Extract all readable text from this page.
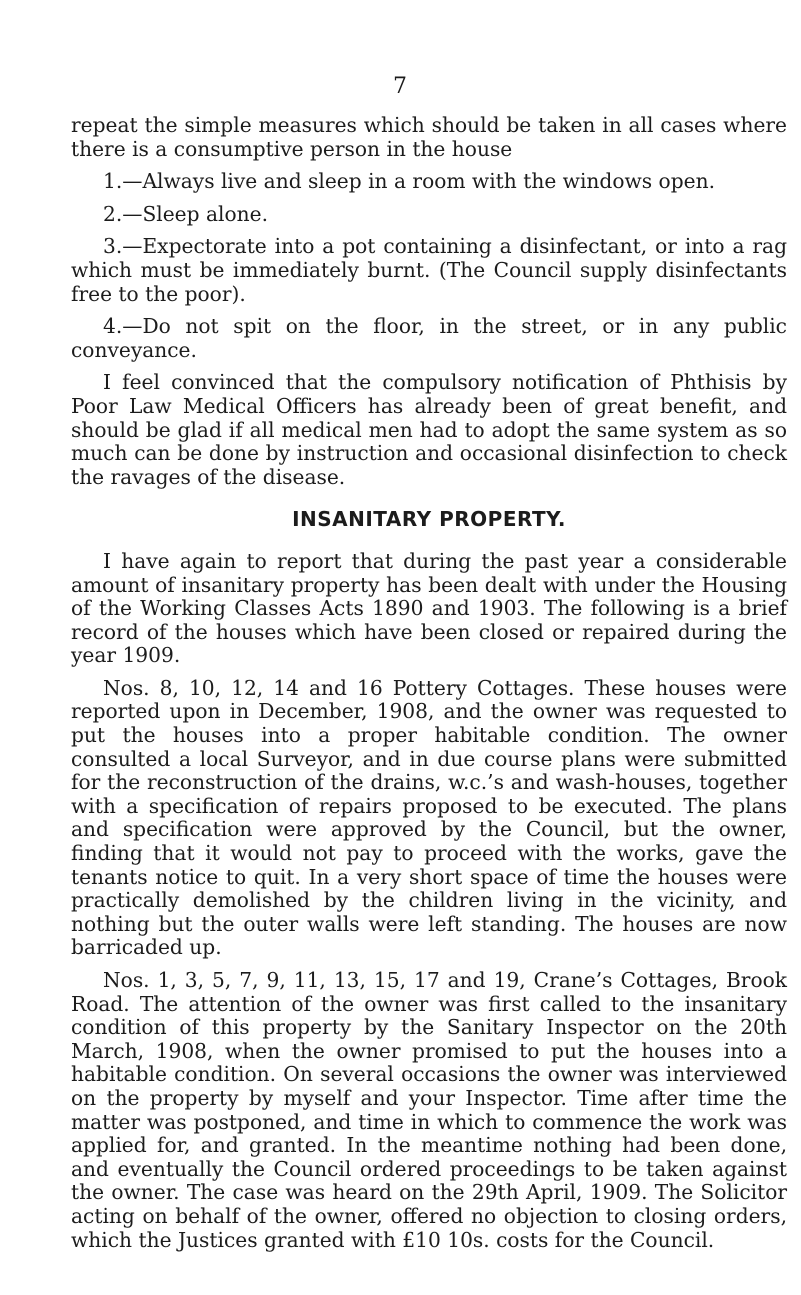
7

repeat the simple measures which should be taken in all cases where there is a consumptive person in the house

1.—Always live and sleep in a room with the windows open.

2.—Sleep alone.

3.—Expectorate into a pot containing a disinfectant, or into a rag which must be immediately burnt. (The Council supply disinfectants free to the poor).

4.—Do not spit on the floor, in the street, or in any public conveyance.

I feel convinced that the compulsory notification of Phthisis by Poor Law Medical Officers has already been of great benefit, and should be glad if all medical men had to adopt the same system as so much can be done by instruction and occasional disinfection to check the ravages of the disease.

INSANITARY PROPERTY.

I have again to report that during the past year a considerable amount of insanitary property has been dealt with under the Housing of the Working Classes Acts 1890 and 1903. The following is a brief record of the houses which have been closed or repaired during the year 1909.

Nos. 8, 10, 12, 14 and 16 Pottery Cottages. These houses were reported upon in December, 1908, and the owner was requested to put the houses into a proper habitable condition. The owner consulted a local Surveyor, and in due course plans were submitted for the reconstruction of the drains, w.c.’s and wash-houses, together with a specification of repairs proposed to be executed. The plans and specification were approved by the Council, but the owner, finding that it would not pay to proceed with the works, gave the tenants notice to quit. In a very short space of time the houses were practically demolished by the children living in the vicinity, and nothing but the outer walls were left standing. The houses are now barricaded up.

Nos. 1, 3, 5, 7, 9, 11, 13, 15, 17 and 19, Crane’s Cottages, Brook Road. The attention of the owner was first called to the insanitary condition of this property by the Sanitary Inspector on the 20th March, 1908, when the owner promised to put the houses into a habitable condition. On several occasions the owner was interviewed on the property by myself and your Inspector. Time after time the matter was postponed, and time in which to commence the work was applied for, and granted. In the meantime nothing had been done, and eventually the Council ordered proceedings to be taken against the owner. The case was heard on the 29th April, 1909. The Solicitor acting on behalf of the owner, offered no objection to closing orders, which the Justices granted with £10 10s. costs for the Council.
